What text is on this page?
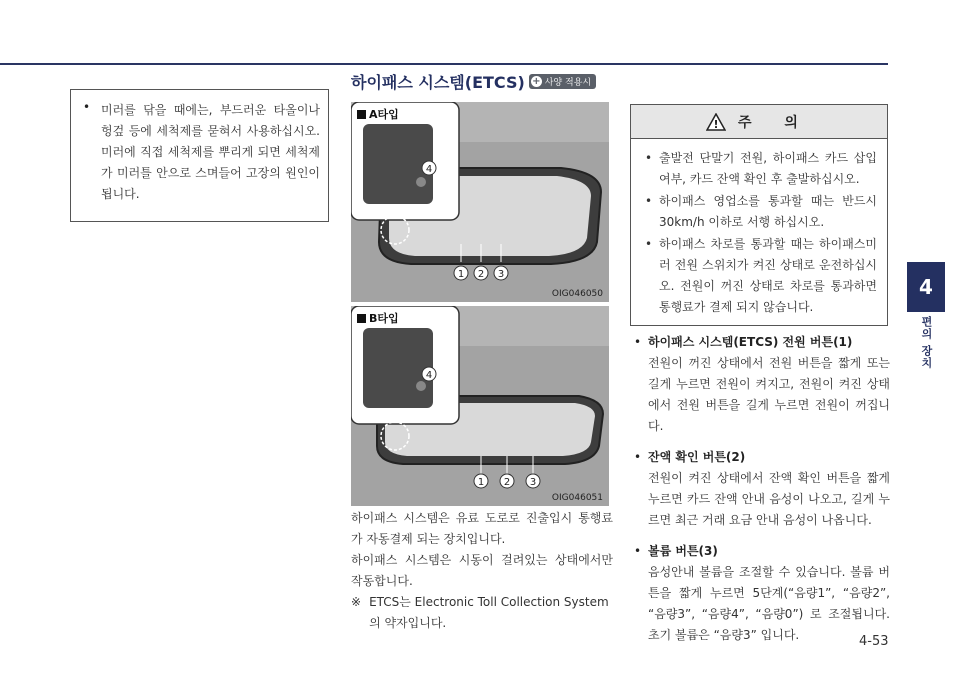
4
편의 장치
하이패스 시스템(ETCS) + 사양 적용시
• 미러를 닦을 때에는, 부드러운 타올이나 헝겊 등에 세척제를 묻혀서 사용하십시오. 미러에 직접 세척제를 뿌리게 되면 세척제가 미러틀 안으로 스며들어 고장의 원인이 됩니다.

1 2 3
4
A타입
OIG046050
1 2 3
4
B타입
OIG046051

하이패스 시스템은 유료 도로로 진출입시 통행료가 자동결제 되는 장치입니다.

하이패스 시스템은 시동이 걸려있는 상태에서만 작동합니다.

※ ETCS는 Electronic Toll Collection System의 약자입니다.
! 주 의
• 출발전 단말기 전원, 하이패스 카드 삽입 여부, 카드 잔액 확인 후 출발하십시오.
• 하이패스 영업소를 통과할 때는 반드시 30km/h 이하로 서행 하십시오.
• 하이패스 차로를 통과할 때는 하이패스미러 전원 스위치가 켜진 상태로 운전하십시오. 전원이 꺼진 상태로 차로를 통과하면 통행료가 결제 되지 않습니다.
• 하이패스 시스템(ETCS) 전원 버튼(1)
전원이 꺼진 상태에서 전원 버튼을 짧게 또는 길게 누르면 전원이 켜지고, 전원이 켜진 상태에서 전원 버튼을 길게 누르면 전원이 꺼집니다.
• 잔액 확인 버튼(2)
전원이 켜진 상태에서 잔액 확인 버튼을 짧게 누르면 카드 잔액 안내 음성이 나오고, 길게 누르면 최근 거래 요금 안내 음성이 나옵니다.
• 볼륨 버튼(3)
음성안내 볼륨을 조절할 수 있습니다. 볼륨 버튼을 짧게 누르면 5단계(“음량1”, “음량2”, “음량3”, “음량4”, “음량0”) 로 조절됩니다. 초기 볼륨은 “음량3” 입니다.	4-53
